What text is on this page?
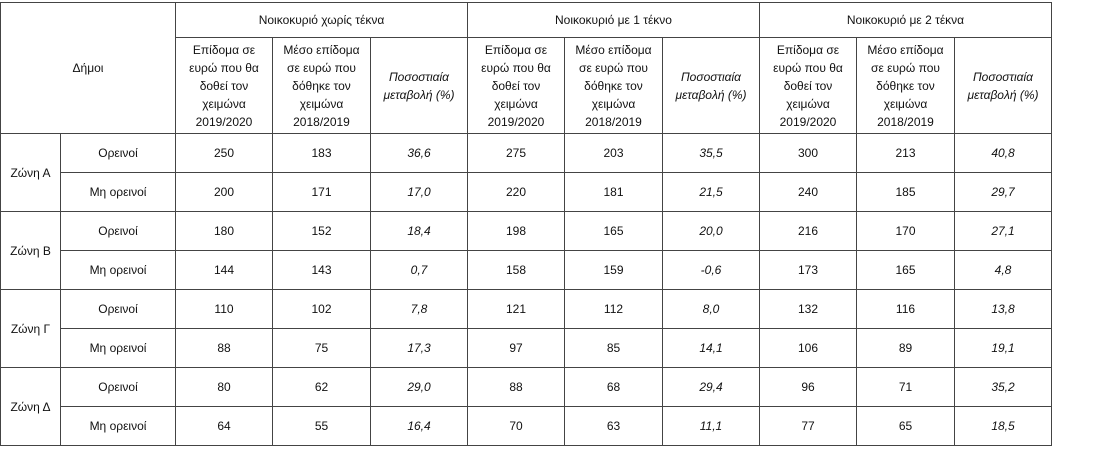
Δήμοι		Νοικοκυριό χωρίς τέκνα			Νοικοκυριό με 1 τέκνο			Νοικοκυριό με 2 τέκνα		
		Επίδομα σε
ευρώ που θα
δοθεί τον
χειμώνα
2019/2020	Μέσο επίδομα
σε ευρώ που
δόθηκε τον
χειμώνα
2018/2019	Ποσοστιαία
μεταβολή (%)	Επίδομα σε
ευρώ που θα
δοθεί τον
χειμώνα
2019/2020	Μέσο επίδομα
σε ευρώ που
δόθηκε τον
χειμώνα
2018/2019	Ποσοστιαία
μεταβολή (%)	Επίδομα σε
ευρώ που θα
δοθεί τον
χειμώνα
2019/2020	Μέσο επίδομα
σε ευρώ που
δόθηκε τον
χειμώνα
2018/2019	Ποσοστιαία
μεταβολή (%)
Ζώνη Α	Ορεινοί	250	183	36,6	275	203	35,5	300	213	40,8
	Μη ορεινοί	200	171	17,0	220	181	21,5	240	185	29,7
Ζώνη Β	Ορεινοί	180	152	18,4	198	165	20,0	216	170	27,1
	Μη ορεινοί	144	143	0,7	158	159	-0,6	173	165	4,8
Ζώνη Γ	Ορεινοί	110	102	7,8	121	112	8,0	132	116	13,8
	Μη ορεινοί	88	75	17,3	97	85	14,1	106	89	19,1
Ζώνη Δ	Ορεινοί	80	62	29,0	88	68	29,4	96	71	35,2
	Μη ορεινοί	64	55	16,4	70	63	11,1	77	65	18,5
